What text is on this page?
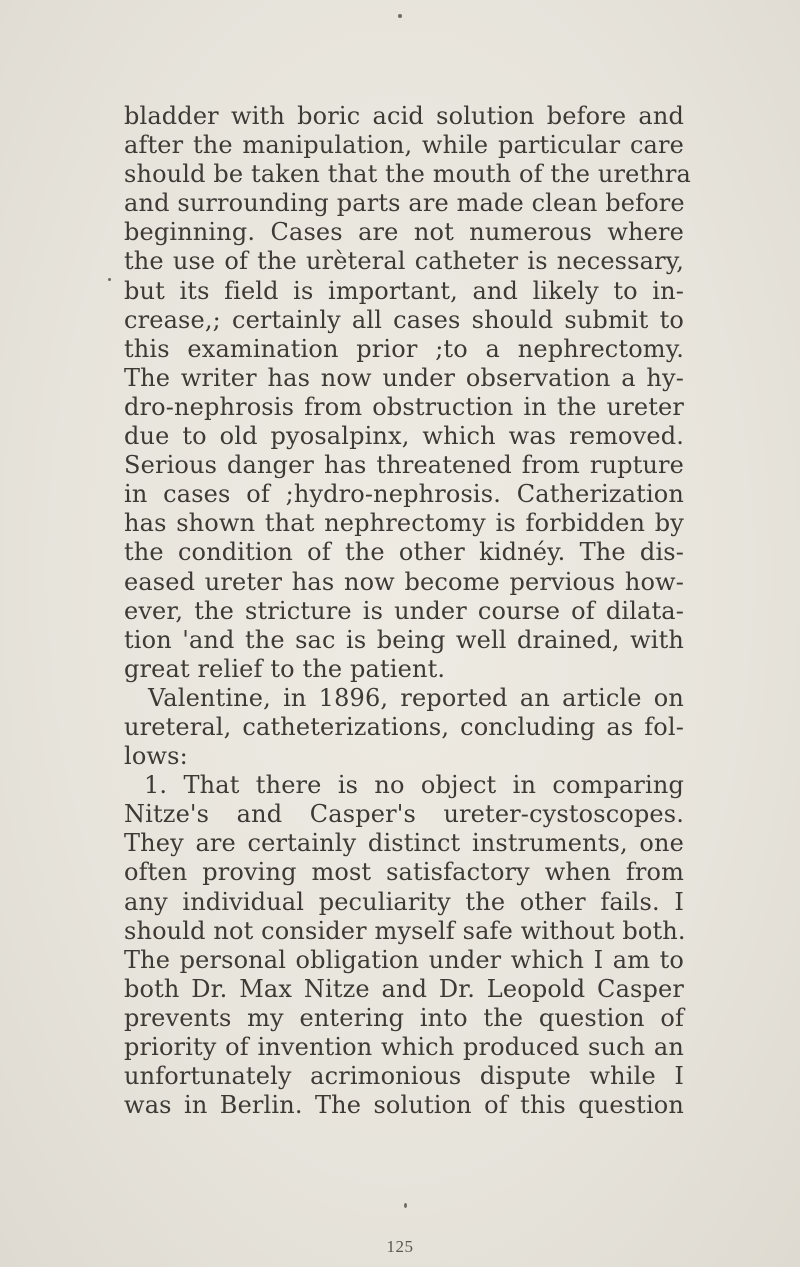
bladder with boric acid solution before and
after the manipulation, while particular care
should be taken that the mouth of the urethra
and surrounding parts are made clean before
beginning. Cases are not numerous where
the use of the urèteral catheter is necessary,
but its field is important, and likely to in-
crease,; certainly all cases should submit to
this examination prior ;to a nephrectomy.
The writer has now under observation a hy-
dro-nephrosis from obstruction in the ureter
due to old pyosalpinx, which was removed.
Serious danger has threatened from rupture
in cases of ;hydro-nephrosis. Catherization
has shown that nephrectomy is forbidden by
the condition of the other kidnéy. The dis-
eased ureter has now become pervious how-
ever, the stricture is under course of dilata-
tion 'and the sac is being well drained, with
great relief to the patient.
Valentine, in 1896, reported an article on
ureteral, catheterizations, concluding as fol-
lows:
1. That there is no object in comparing
Nitze's and Casper's ureter-cystoscopes.
They are certainly distinct instruments, one
often proving most satisfactory when from
any individual peculiarity the other fails. I
should not consider myself safe without both.
The personal obligation under which I am to
both Dr. Max Nitze and Dr. Leopold Casper
prevents my entering into the question of
priority of invention which produced such an
unfortunately acrimonious dispute while I
was in Berlin. The solution of this question
125
